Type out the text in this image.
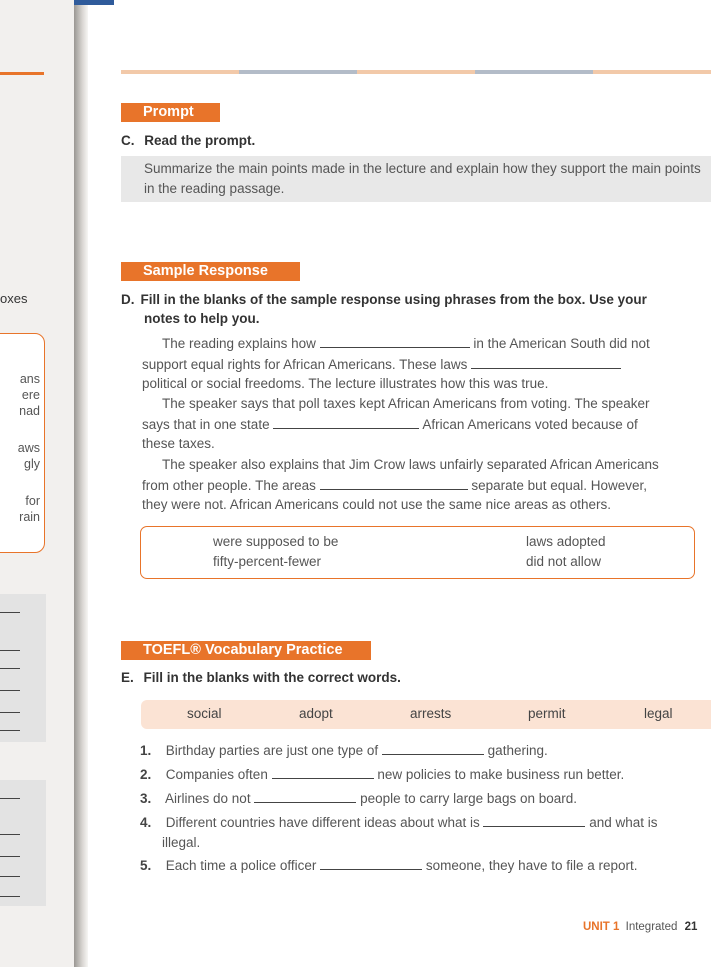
oxes
ans
ere
nad
aws
gly
for
rain
Prompt
C. Read the prompt.
Summarize the main points made in the lecture and explain how they support the main points in the reading passage.
Sample Response
D. Fill in the blanks of the sample response using phrases from the box. Use your
notes to help you.
The reading explains how	in the American South did not
support equal rights for African Americans. These laws
political or social freedoms. The lecture illustrates how this was true.
The speaker says that poll taxes kept African Americans from voting. The speaker
says that in one state	African Americans voted because of
these taxes.
The speaker also explains that Jim Crow laws unfairly separated African Americans
from other people. The areas	separate but equal. However,
they were not. African Americans could not use the same nice areas as others.
were supposed to be	laws adopted
fifty-percent-fewer	did not allow
TOEFL® Vocabulary Practice
E. Fill in the blanks with the correct words.
social	adopt	arrests	permit	legal
1. Birthday parties are just one type of	gathering.
2. Companies often	new policies to make business run better.
3. Airlines do not	people to carry large bags on board.
4. Different countries have different ideas about what is	and what is
illegal.
5. Each time a police officer	someone, they have to file a report.
UNIT 1 Integrated 21
